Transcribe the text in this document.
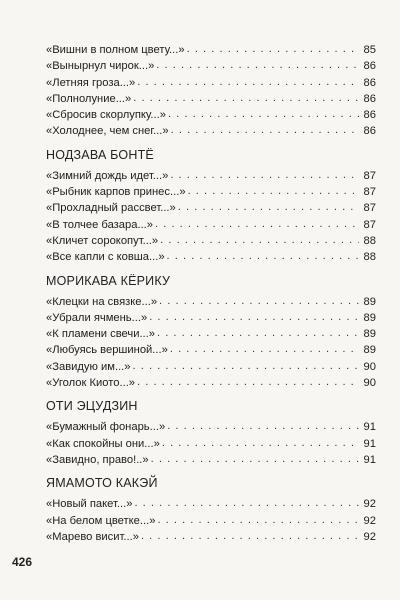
«Вишни в полном цвету...» . . .	85
«Вынырнул чирок...» . . .	86
«Летняя гроза...» . . .	86
«Полнолуние...» . . .	86
«Сбросив скорлупку...» . . .	86
«Холоднее, чем снег...» . . .	86
НОДЗАВА БОНТЁ
«Зимний дождь идет...» . . .	87
«Рыбник карпов принес...» . . .	87
«Прохладный рассвет...» . . .	87
«В толчее базара...» . . .	87
«Кличет сорокопут...» . . .	88
«Все капли с ковша...» . . .	88
МОРИКАВА КЁРИКУ
«Клецки на связке...» . . .	89
«Убрали ячмень...» . . .	89
«К пламени свечи...» . . .	89
«Любуясь вершиной...» . . .	89
«Завидую им...» . . .	90
«Уголок Киото...» . . .	90
ОТИ ЭЦУДЗИН
«Бумажный фонарь...» . . .	91
«Как спокойны они...» . . .	91
«Завидно, право!..» . . .	91
ЯМАМОТО КАКЭЙ
«Новый пакет...» . . .	92
«На белом цветке...» . . .	92
«Марево висит...» . . .	92
426
